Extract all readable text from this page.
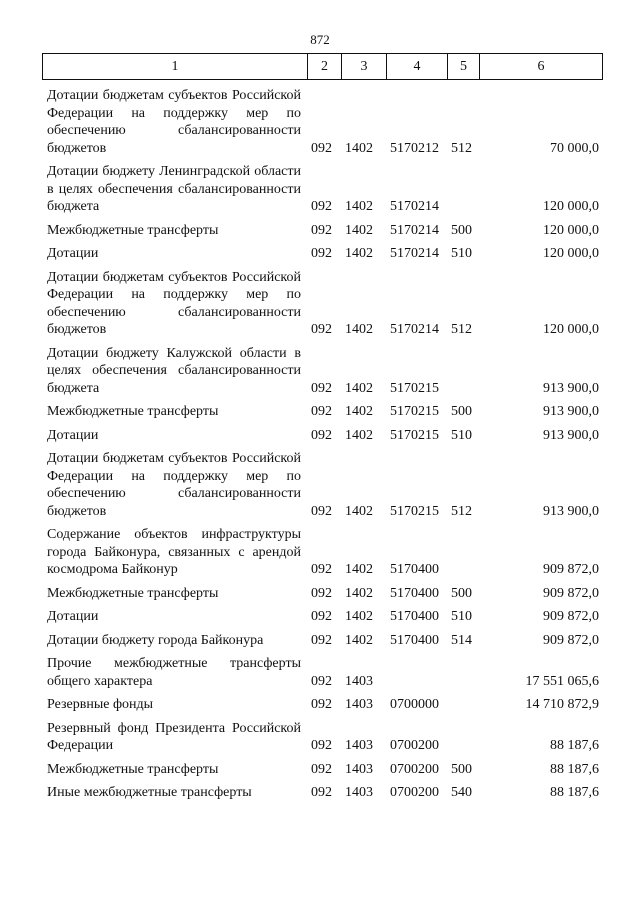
872
1	2	3	4	5	6
Дотации бюджетам субъектов Российской Федерации на поддержку мер по обеспечению сбалансированности бюджетов	092	1402	5170212	512	70 000,0
Дотации бюджету Ленинградской области в целях обеспечения сбалансированности бюджета	092	1402	5170214		120 000,0
Межбюджетные трансферты	092	1402	5170214	500	120 000,0
Дотации	092	1402	5170214	510	120 000,0
Дотации бюджетам субъектов Российской Федерации на поддержку мер по обеспечению сбалансированности бюджетов	092	1402	5170214	512	120 000,0
Дотации бюджету Калужской области в целях обеспечения сбалансированности бюджета	092	1402	5170215		913 900,0
Межбюджетные трансферты	092	1402	5170215	500	913 900,0
Дотации	092	1402	5170215	510	913 900,0
Дотации бюджетам субъектов Российской Федерации на поддержку мер по обеспечению сбалансированности бюджетов	092	1402	5170215	512	913 900,0
Содержание объектов инфраструктуры города Байконура, связанных с арендой космодрома Байконур	092	1402	5170400		909 872,0
Межбюджетные трансферты	092	1402	5170400	500	909 872,0
Дотации	092	1402	5170400	510	909 872,0
Дотации бюджету города Байконура	092	1402	5170400	514	909 872,0
Прочие межбюджетные трансферты общего характера	092	1403			17 551 065,6
Резервные фонды	092	1403	0700000		14 710 872,9
Резервный фонд Президента Российской Федерации	092	1403	0700200		88 187,6
Межбюджетные трансферты	092	1403	0700200	500	88 187,6
Иные межбюджетные трансферты	092	1403	0700200	540	88 187,6
